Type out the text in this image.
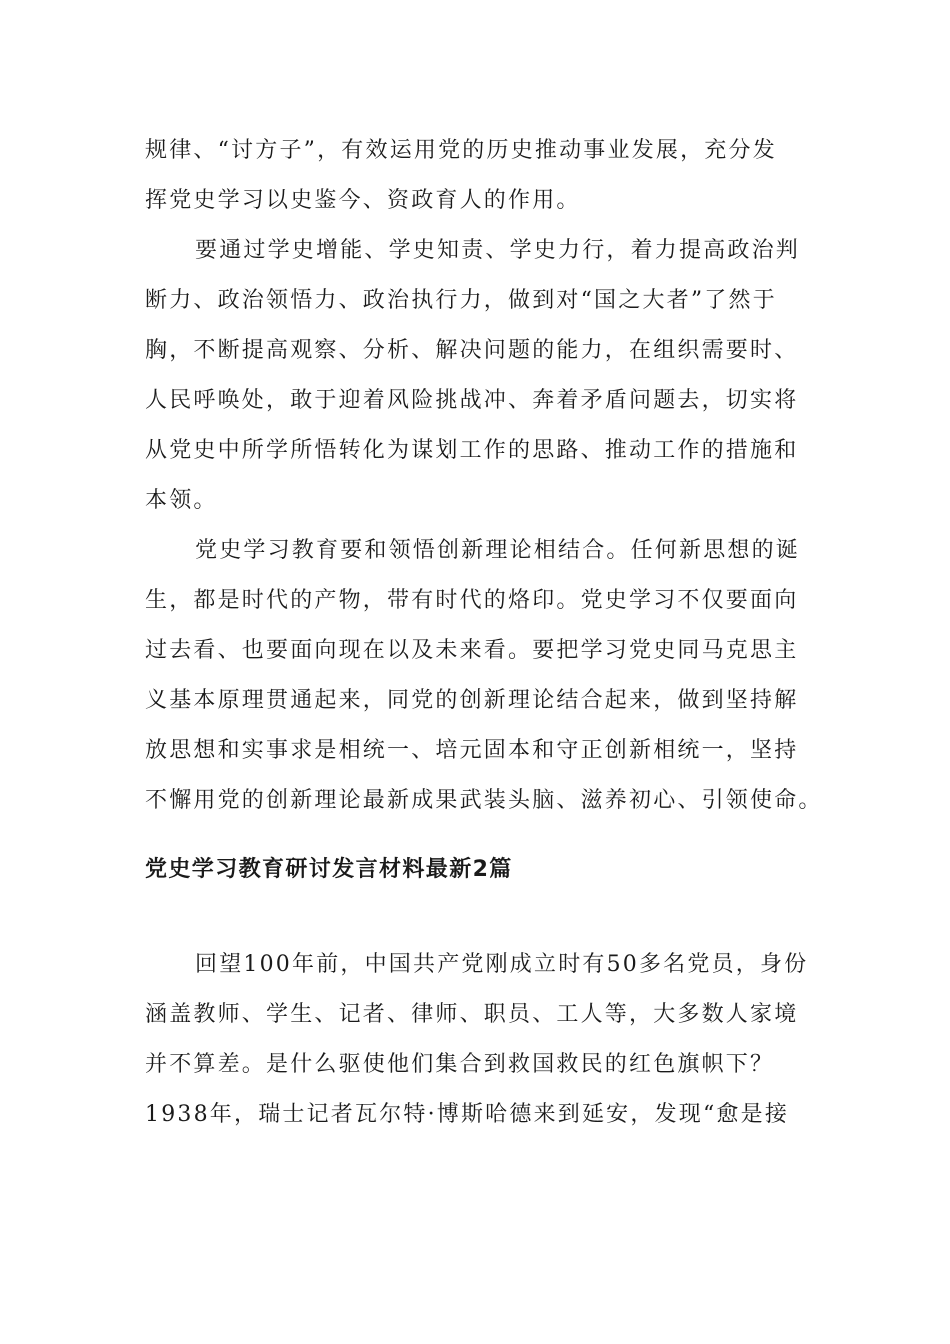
规律、“讨方子”，有效运用党的历史推动事业发展，充分发
挥党史学习以史鉴今、资政育人的作用。
要通过学史增能、学史知责、学史力行，着力提高政治判
断力、政治领悟力、政治执行力，做到对“国之大者”了然于
胸，不断提高观察、分析、解决问题的能力，在组织需要时、
人民呼唤处，敢于迎着风险挑战冲、奔着矛盾问题去，切实将
从党史中所学所悟转化为谋划工作的思路、推动工作的措施和
本领。
党史学习教育要和领悟创新理论相结合。任何新思想的诞
生，都是时代的产物，带有时代的烙印。党史学习不仅要面向
过去看、也要面向现在以及未来看。要把学习党史同马克思主
义基本原理贯通起来，同党的创新理论结合起来，做到坚持解
放思想和实事求是相统一、培元固本和守正创新相统一，坚持
不懈用党的创新理论最新成果武装头脑、滋养初心、引领使命。
党史学习教育研讨发言材料最新2篇
回望100年前，中国共产党刚成立时有50多名党员，身份
涵盖教师、学生、记者、律师、职员、工人等，大多数人家境
并不算差。是什么驱使他们集合到救国救民的红色旗帜下？
1938年，瑞士记者瓦尔特·博斯哈德来到延安，发现“愈是接
